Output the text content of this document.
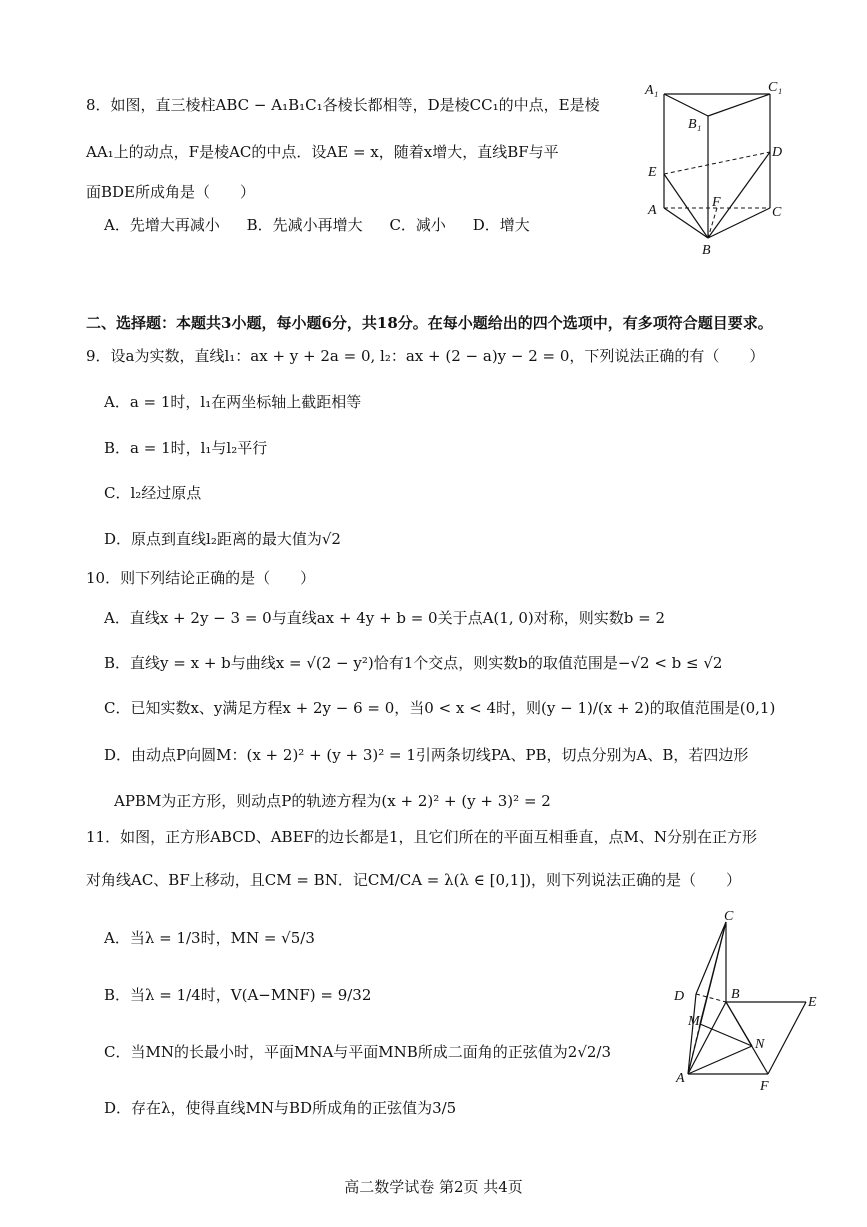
8．如图，直三棱柱ABC − A₁B₁C₁各棱长都相等，D是棱CC₁的中点，E是棱
AA₁上的动点，F是棱AC的中点．设AE = x，随着x增大，直线BF与平
面BDE所成角是（　　）
A．先增大再减小 B．先减小再增大 C．减小 D．增大
A₁	C₁
B₁
D
E
F
A	C
B
二、选择题：本题共3小题，每小题6分，共18分。在每小题给出的四个选项中，有多项符合题目要求。
9．设a为实数，直线l₁：ax + y + 2a = 0, l₂：ax + (2 − a)y − 2 = 0，下列说法正确的有（　　）
A．a = 1时，l₁在两坐标轴上截距相等
B．a = 1时，l₁与l₂平行
C．l₂经过原点
D．原点到直线l₂距离的最大值为√2
10．则下列结论正确的是（　　）
A．直线x + 2y − 3 = 0与直线ax + 4y + b = 0关于点A(1, 0)对称，则实数b = 2
B．直线y = x + b与曲线x = √(2 − y²)恰有1个交点，则实数b的取值范围是−√2 < b ≤ √2
C．已知实数x、y满足方程x + 2y − 6 = 0，当0 < x < 4时，则(y − 1)/(x + 2)的取值范围是(0,1)
D．由动点P向圆M：(x + 2)² + (y + 3)² = 1引两条切线PA、PB，切点分别为A、B，若四边形
APBM为正方形，则动点P的轨迹方程为(x + 2)² + (y + 3)² = 2
11．如图，正方形ABCD、ABEF的边长都是1，且它们所在的平面互相垂直，点M、N分别在正方形
对角线AC、BF上移动，且CM = BN．记CM/CA = λ(λ ∈ [0,1])，则下列说法正确的是（　　）
A．当λ = 1/3时，MN = √5/3
B．当λ = 1/4时，V(A−MNF) = 9/32
C．当MN的长最小时，平面MNA与平面MNB所成二面角的正弦值为2√2/3
D．存在λ，使得直线MN与BD所成角的正弦值为3/5
C
D	B
E
M
N
A
F
高二数学试卷 第2页 共4页
